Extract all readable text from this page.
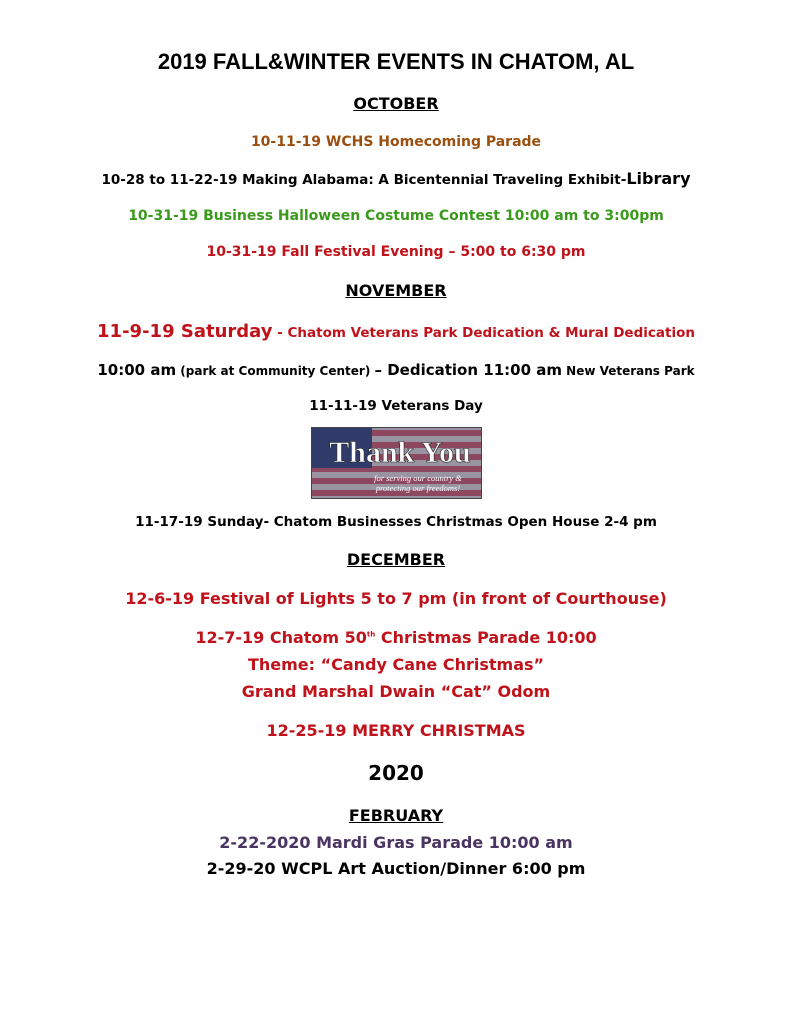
2019 FALL&WINTER EVENTS IN CHATOM, AL
OCTOBER
10-11-19 WCHS Homecoming Parade
10-28 to 11-22-19 Making Alabama: A Bicentennial Traveling Exhibit-Library
10-31-19 Business Halloween Costume Contest 10:00 am to 3:00pm
10-31-19 Fall Festival Evening – 5:00 to 6:30 pm
NOVEMBER
11-9-19 Saturday - Chatom Veterans Park Dedication & Mural Dedication
10:00 am (park at Community Center) – Dedication 11:00 am New Veterans Park
11-11-19 Veterans Day
Thank You
for serving our country &
protecting our freedoms!
11-17-19 Sunday- Chatom Businesses Christmas Open House 2-4 pm
DECEMBER
12-6-19 Festival of Lights 5 to 7 pm (in front of Courthouse)
12-7-19 Chatom 50th Christmas Parade 10:00
Theme: “Candy Cane Christmas”
Grand Marshal Dwain “Cat” Odom
12-25-19 MERRY CHRISTMAS
2020
FEBRUARY
2-22-2020 Mardi Gras Parade 10:00 am
2-29-20 WCPL Art Auction/Dinner 6:00 pm
